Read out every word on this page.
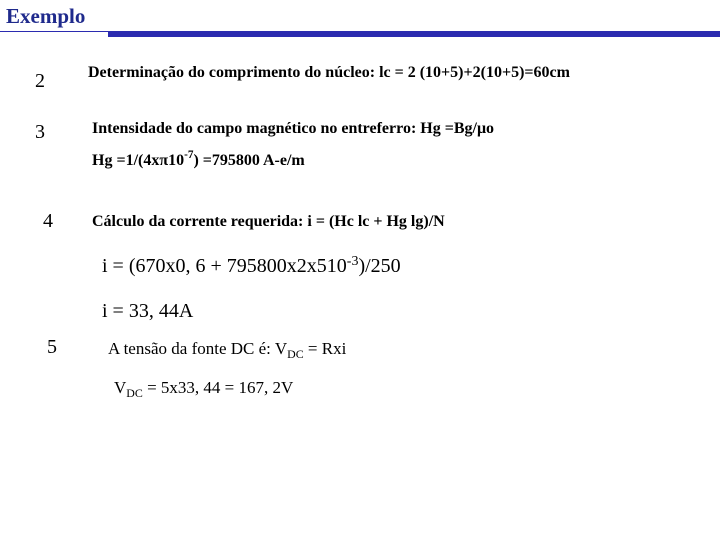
Exemplo
2	Determinação do comprimento do núcleo: lc = 2 (10+5)+2(10+5)=60cm
3	Intensidade do campo magnético no entreferro: Hg =Bg/μo
$Hg =1/(4x\pi 10^{-7}) =795800$ A-e/m
4	Cálculo da corrente requerida: i = (Hc lc + Hg lg)/N
i = (670x0, $6 + 795800x2x510^{-3})/250$
i = 33, 44A
5	A tensão da fonte DC é: $V_{DC}$ = Rxi
$V_{DC} = 5x33$, 44 = 167, 2V
